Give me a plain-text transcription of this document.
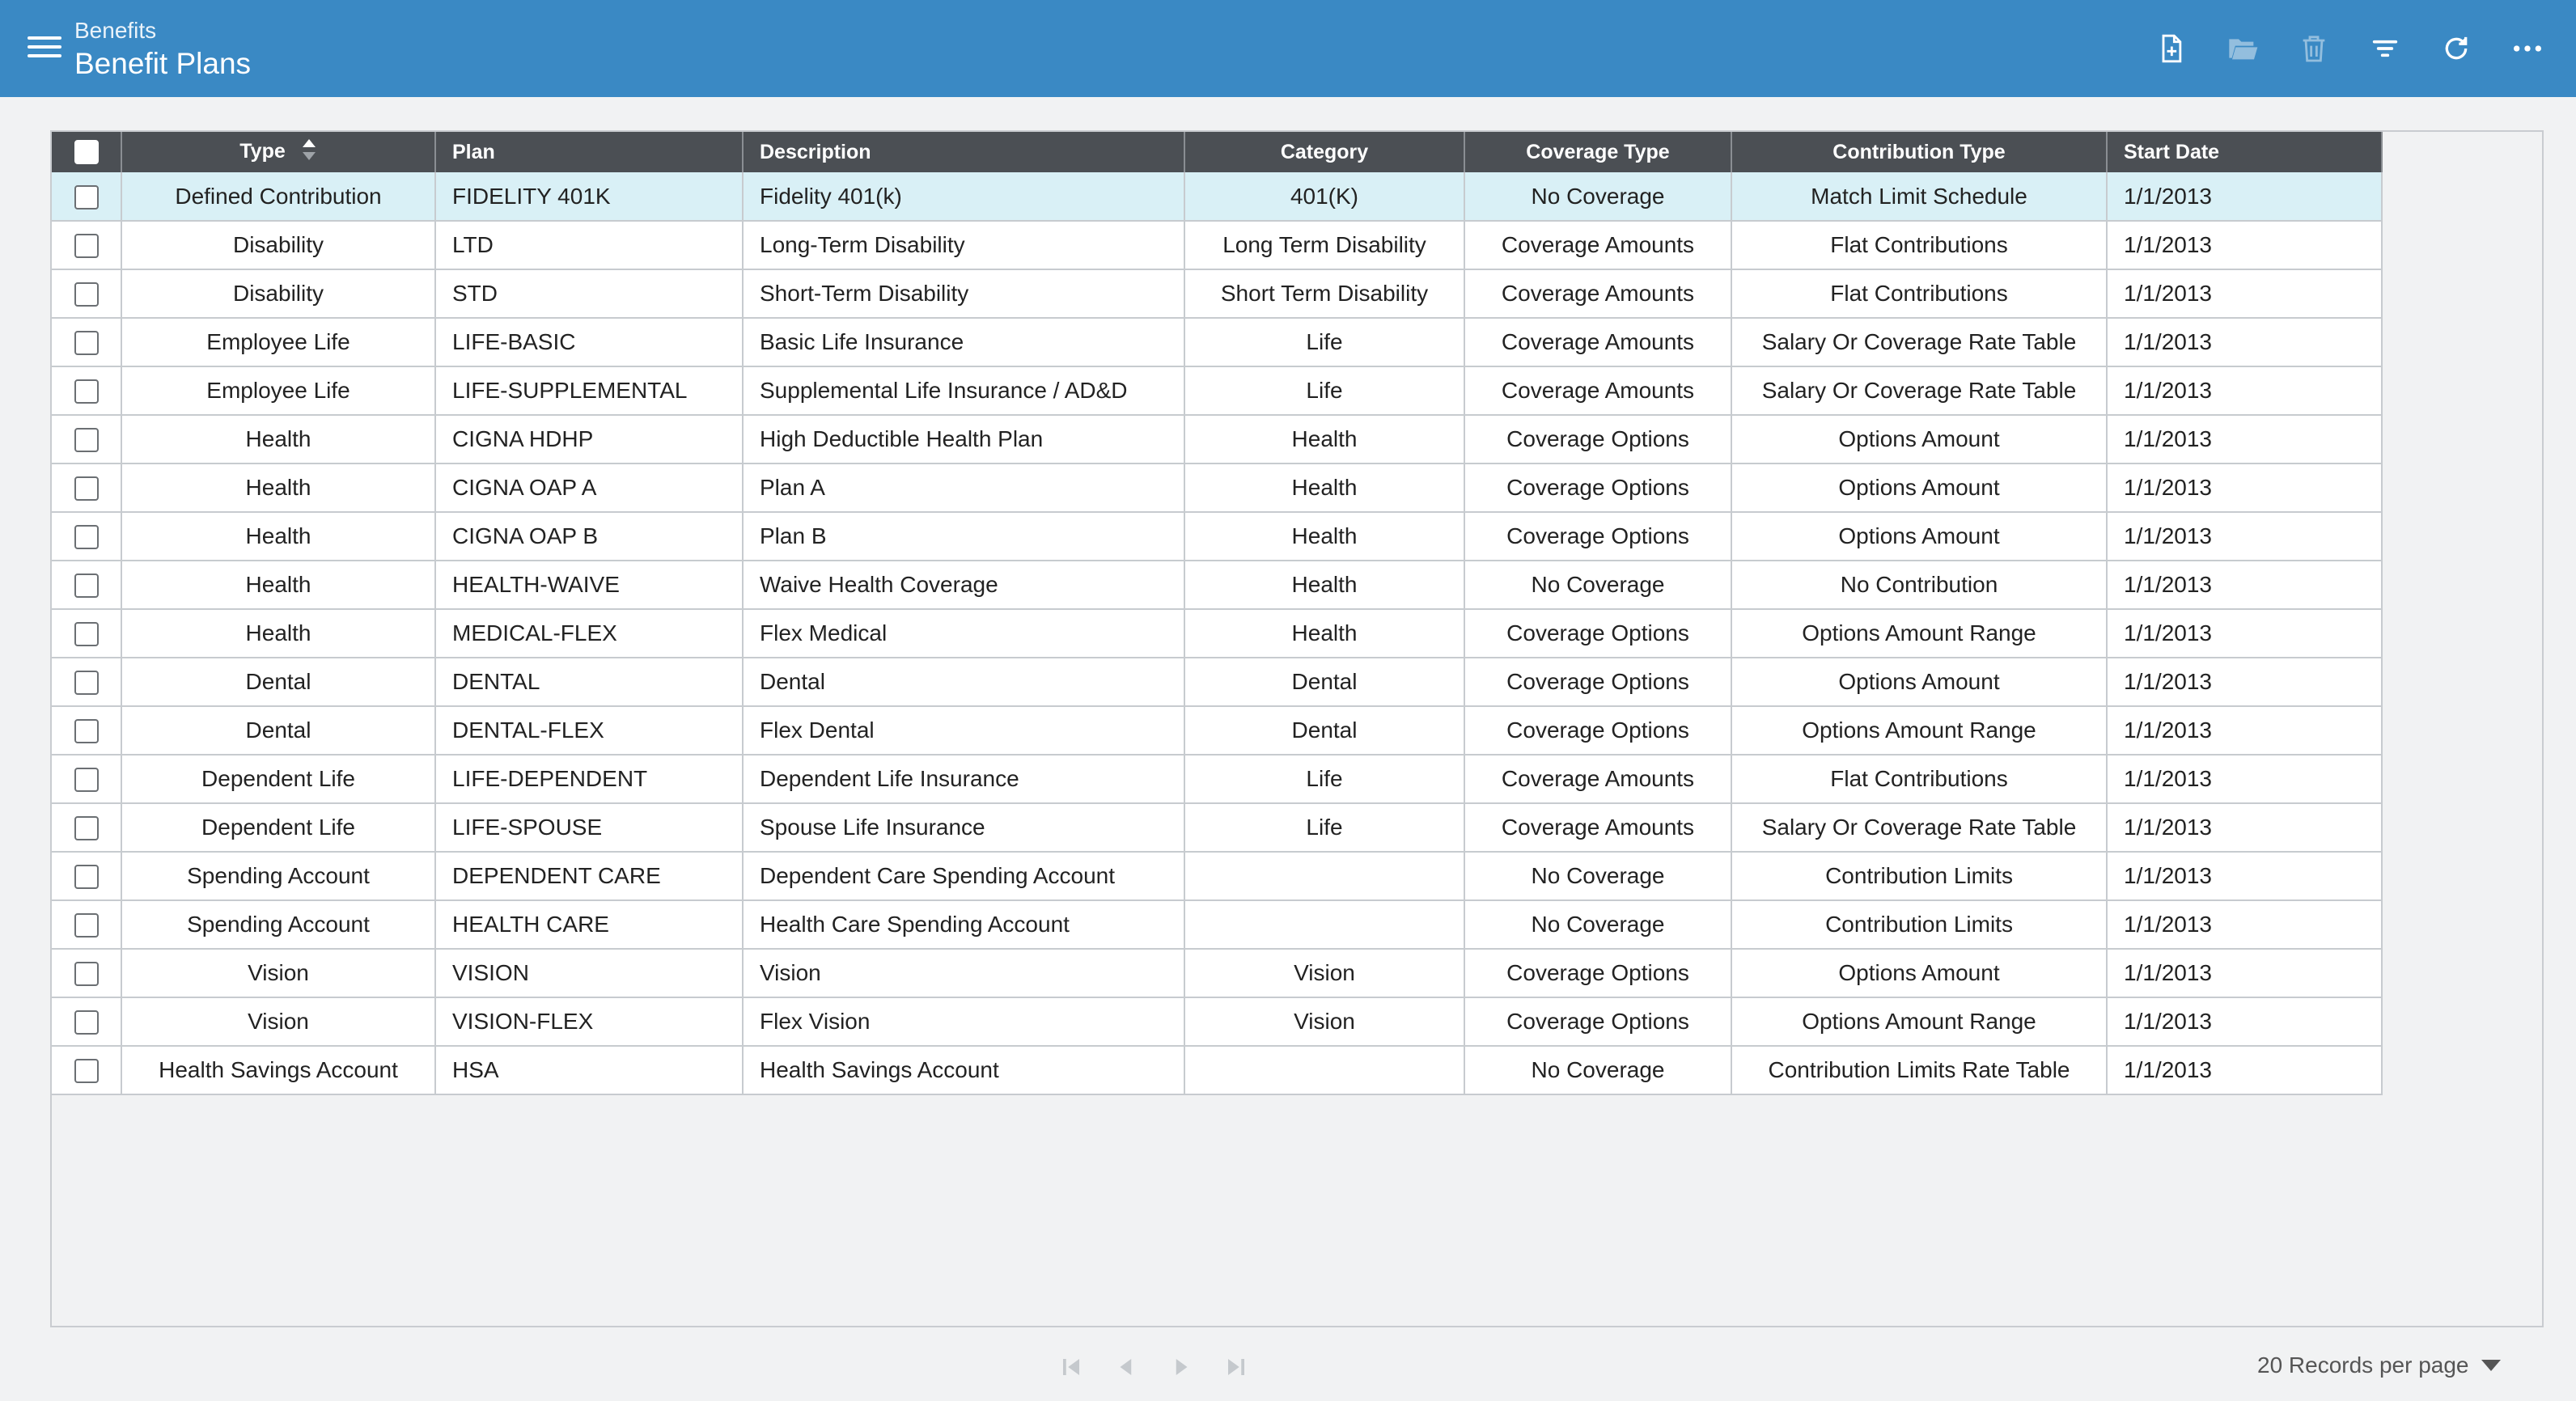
Benefits
Benefit Plans
	Type	Plan	Description	Category	Coverage Type	Contribution Type	Start Date
	Defined Contribution	FIDELITY 401K	Fidelity 401(k)	401(K)	No Coverage	Match Limit Schedule	1/1/2013
	Disability	LTD	Long-Term Disability	Long Term Disability	Coverage Amounts	Flat Contributions	1/1/2013
	Disability	STD	Short-Term Disability	Short Term Disability	Coverage Amounts	Flat Contributions	1/1/2013
	Employee Life	LIFE-BASIC	Basic Life Insurance	Life	Coverage Amounts	Salary Or Coverage Rate Table	1/1/2013
	Employee Life	LIFE-SUPPLEMENTAL	Supplemental Life Insurance / AD&D	Life	Coverage Amounts	Salary Or Coverage Rate Table	1/1/2013
	Health	CIGNA HDHP	High Deductible Health Plan	Health	Coverage Options	Options Amount	1/1/2013
	Health	CIGNA OAP A	Plan A	Health	Coverage Options	Options Amount	1/1/2013
	Health	CIGNA OAP B	Plan B	Health	Coverage Options	Options Amount	1/1/2013
	Health	HEALTH-WAIVE	Waive Health Coverage	Health	No Coverage	No Contribution	1/1/2013
	Health	MEDICAL-FLEX	Flex Medical	Health	Coverage Options	Options Amount Range	1/1/2013
	Dental	DENTAL	Dental	Dental	Coverage Options	Options Amount	1/1/2013
	Dental	DENTAL-FLEX	Flex Dental	Dental	Coverage Options	Options Amount Range	1/1/2013
	Dependent Life	LIFE-DEPENDENT	Dependent Life Insurance	Life	Coverage Amounts	Flat Contributions	1/1/2013
	Dependent Life	LIFE-SPOUSE	Spouse Life Insurance	Life	Coverage Amounts	Salary Or Coverage Rate Table	1/1/2013
	Spending Account	DEPENDENT CARE	Dependent Care Spending Account		No Coverage	Contribution Limits	1/1/2013
	Spending Account	HEALTH CARE	Health Care Spending Account		No Coverage	Contribution Limits	1/1/2013
	Vision	VISION	Vision	Vision	Coverage Options	Options Amount	1/1/2013
	Vision	VISION-FLEX	Flex Vision	Vision	Coverage Options	Options Amount Range	1/1/2013
	Health Savings Account	HSA	Health Savings Account		No Coverage	Contribution Limits Rate Table	1/1/2013
20 Records per page
